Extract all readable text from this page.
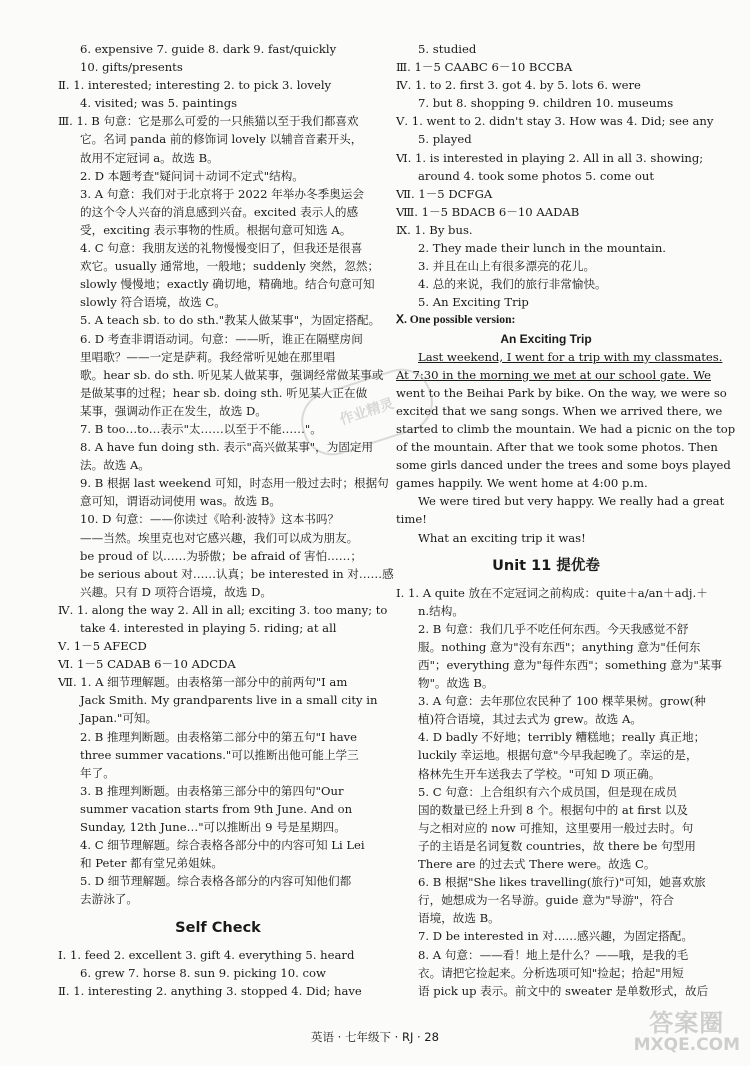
6. expensive 7. guide 8. dark 9. fast/quickly
10. gifts/presents
Ⅱ. 1. interested; interesting 2. to pick 3. lovely
4. visited; was 5. paintings
Ⅲ. 1. B 句意：它是那么可爱的一只熊猫以至于我们都喜欢
它。名词 panda 前的修饰词 lovely 以辅音音素开头，
故用不定冠词 a。故选 B。
2. D 本题考查"疑问词＋动词不定式"结构。
3. A 句意：我们对于北京将于 2022 年举办冬季奥运会
的这个令人兴奋的消息感到兴奋。excited 表示人的感
受，exciting 表示事物的性质。根据句意可知选 A。
4. C 句意：我朋友送的礼物慢慢变旧了，但我还是很喜
欢它。usually 通常地，一般地；suddenly 突然，忽然；
slowly 慢慢地；exactly 确切地，精确地。结合句意可知
slowly 符合语境，故选 C。
5. A teach sb. to do sth."教某人做某事"，为固定搭配。
6. D 考查非谓语动词。句意：——听，谁正在隔壁房间
里唱歌？——一定是萨莉。我经常听见她在那里唱
歌。hear sb. do sth. 听见某人做某事，强调经常做某事或
是做某事的过程；hear sb. doing sth. 听见某人正在做
某事，强调动作正在发生，故选 D。
7. B too…to…表示"太……以至于不能……"。
8. A have fun doing sth. 表示"高兴做某事"，为固定用
法。故选 A。
9. B 根据 last weekend 可知，时态用一般过去时；根据句
意可知，谓语动词使用 was。故选 B。
10. D 句意：——你读过《哈利·波特》这本书吗？
——当然。埃里克也对它感兴趣，我们可以成为朋友。
be proud of 以……为骄傲；be afraid of 害怕……；
be serious about 对……认真；be interested in 对……感
兴趣。只有 D 项符合语境，故选 D。
Ⅳ. 1. along the way 2. All in all; exciting 3. too many; to
take 4. interested in playing 5. riding; at all
Ⅴ. 1－5 AFECD
Ⅵ. 1－5 CADAB 6－10 ADCDA
Ⅶ. 1. A 细节理解题。由表格第一部分中的前两句"I am
Jack Smith. My grandparents live in a small city in
Japan."可知。
2. B 推理判断题。由表格第二部分中的第五句"I have
three summer vacations."可以推断出他可能上学三
年了。
3. B 推理判断题。由表格第三部分中的第四句"Our
summer vacation starts from 9th June. And on
Sunday, 12th June…"可以推断出 9 号是星期四。
4. C 细节理解题。综合表格各部分中的内容可知 Li Lei
和 Peter 都有堂兄弟姐妹。
5. D 细节理解题。综合表格各部分的内容可知他们都
去游泳了。
Self Check
Ⅰ. 1. feed 2. excellent 3. gift 4. everything 5. heard
6. grew 7. horse 8. sun 9. picking 10. cow
Ⅱ. 1. interesting 2. anything 3. stopped 4. Did; have
5. studied
Ⅲ. 1－5 CAABC 6－10 BCCBA
Ⅳ. 1. to 2. first 3. got 4. by 5. lots 6. were
7. but 8. shopping 9. children 10. museums
Ⅴ. 1. went to 2. didn't stay 3. How was 4. Did; see any
5. played
Ⅵ. 1. is interested in playing 2. All in all 3. showing;
around 4. took some photos 5. come out
Ⅶ. 1－5 DCFGA
Ⅷ. 1－5 BDACB 6－10 AADAB
Ⅸ. 1. By bus.
2. They made their lunch in the mountain.
3. 并且在山上有很多漂亮的花儿。
4. 总的来说，我们的旅行非常愉快。
5. An Exciting Trip
Ⅹ. One possible version:
An Exciting Trip
Last weekend, I went for a trip with my classmates.
At 7:30 in the morning we met at our school gate. We
went to the Beihai Park by bike. On the way, we were so
excited that we sang songs. When we arrived there, we
started to climb the mountain. We had a picnic on the top
of the mountain. After that we took some photos. Then
some girls danced under the trees and some boys played
games happily. We went home at 4:00 p.m.
We were tired but very happy. We really had a great
time!
What an exciting trip it was!
Unit 11 提优卷
Ⅰ. 1. A quite 放在不定冠词之前构成：quite＋a/an＋adj.＋
n.结构。
2. B 句意：我们几乎不吃任何东西。今天我感觉不舒
服。nothing 意为"没有东西"；anything 意为"任何东
西"；everything 意为"每件东西"；something 意为"某事
物"。故选 B。
3. A 句意：去年那位农民种了 100 棵苹果树。grow(种
植)符合语境，其过去式为 grew。故选 A。
4. D badly 不好地；terribly 糟糕地；really 真正地；
luckily 幸运地。根据句意"今早我起晚了。幸运的是，
格林先生开车送我去了学校。"可知 D 项正确。
5. C 句意：上合组织有六个成员国，但是现在成员
国的数量已经上升到 8 个。根据句中的 at first 以及
与之相对应的 now 可推知，这里要用一般过去时。句
子的主语是名词复数 countries，故 there be 句型用
There are 的过去式 There were。故选 C。
6. B 根据"She likes travelling(旅行)"可知，她喜欢旅
行，她想成为一名导游。guide 意为"导游"，符合
语境，故选 B。
7. D be interested in 对……感兴趣，为固定搭配。
8. A 句意：——看！地上是什么？——哦，是我的毛
衣。请把它捡起来。分析选项可知"捡起；拾起"用短
语 pick up 表示。前文中的 sweater 是单数形式，故后
作业精灵
英语 · 七年级下 · RJ · 28	答案圈
MXQE.COM
